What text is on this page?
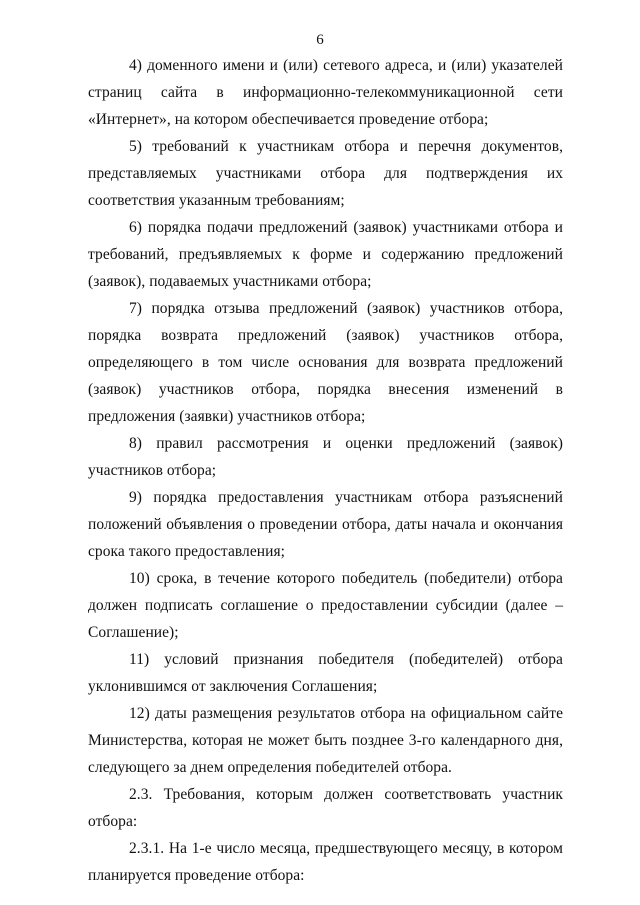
6

4) доменного имени и (или) сетевого адреса, и (или) указателей страниц сайта в информационно-телекоммуникационной сети «Интернет», на котором обеспечивается проведение отбора;

5) требований к участникам отбора и перечня документов, представляемых участниками отбора для подтверждения их соответствия указанным требованиям;

6) порядка подачи предложений (заявок) участниками отбора и требований, предъявляемых к форме и содержанию предложений (заявок), подаваемых участниками отбора;

7) порядка отзыва предложений (заявок) участников отбора, порядка возврата предложений (заявок) участников отбора, определяющего в том числе основания для возврата предложений (заявок) участников отбора, порядка внесения изменений в предложения (заявки) участников отбора;

8) правил рассмотрения и оценки предложений (заявок) участников отбора;

9) порядка предоставления участникам отбора разъяснений положений объявления о проведении отбора, даты начала и окончания срока такого предоставления;

10) срока, в течение которого победитель (победители) отбора должен подписать соглашение о предоставлении субсидии (далее – Соглашение);

11) условий признания победителя (победителей) отбора уклонившимся от заключения Соглашения;

12) даты размещения результатов отбора на официальном сайте Министерства, которая не может быть позднее 3-го календарного дня, следующего за днем определения победителей отбора.

2.3. Требования, которым должен соответствовать участник отбора:

2.3.1. На 1-е число месяца, предшествующего месяцу, в котором планируется проведение отбора:
